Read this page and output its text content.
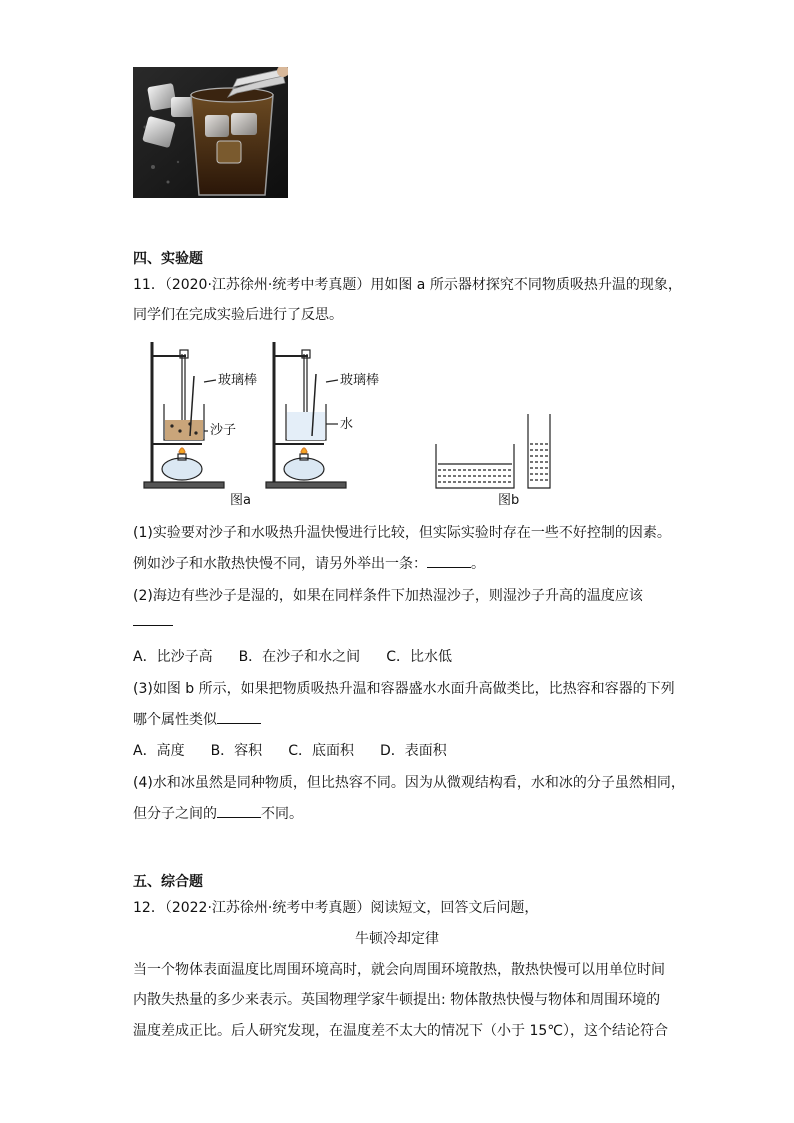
四、实验题
11．（2020·江苏徐州·统考中考真题）用如图 a 所示器材探究不同物质吸热升温的现象，
同学们在完成实验后进行了反思。
玻璃棒
沙子
玻璃棒
水
图a	图b
(1)实验要对沙子和水吸热升温快慢进行比较，但实际实验时存在一些不好控制的因素。
例如沙子和水散热快慢不同，请另外举出一条：	。
(2)海边有些沙子是湿的，如果在同样条件下加热湿沙子，则湿沙子升高的温度应该
A．比沙子高 B．在沙子和水之间 C．比水低
(3)如图 b 所示，如果把物质吸热升温和容器盛水水面升高做类比，比热容和容器的下列
哪个属性类似
A．高度 B．容积 C．底面积 D．表面积
(4)水和冰虽然是同种物质，但比热容不同。因为从微观结构看，水和冰的分子虽然相同，
但分子之间的	不同。
五、综合题
12．（2022·江苏徐州·统考中考真题）阅读短文，回答文后问题，
牛顿冷却定律
当一个物体表面温度比周围环境高时，就会向周围环境散热，散热快慢可以用单位时间
内散失热量的多少来表示。英国物理学家牛顿提出: 物体散热快慢与物体和周围环境的
温度差成正比。后人研究发现，在温度差不太大的情况下（小于 15℃），这个结论符合
